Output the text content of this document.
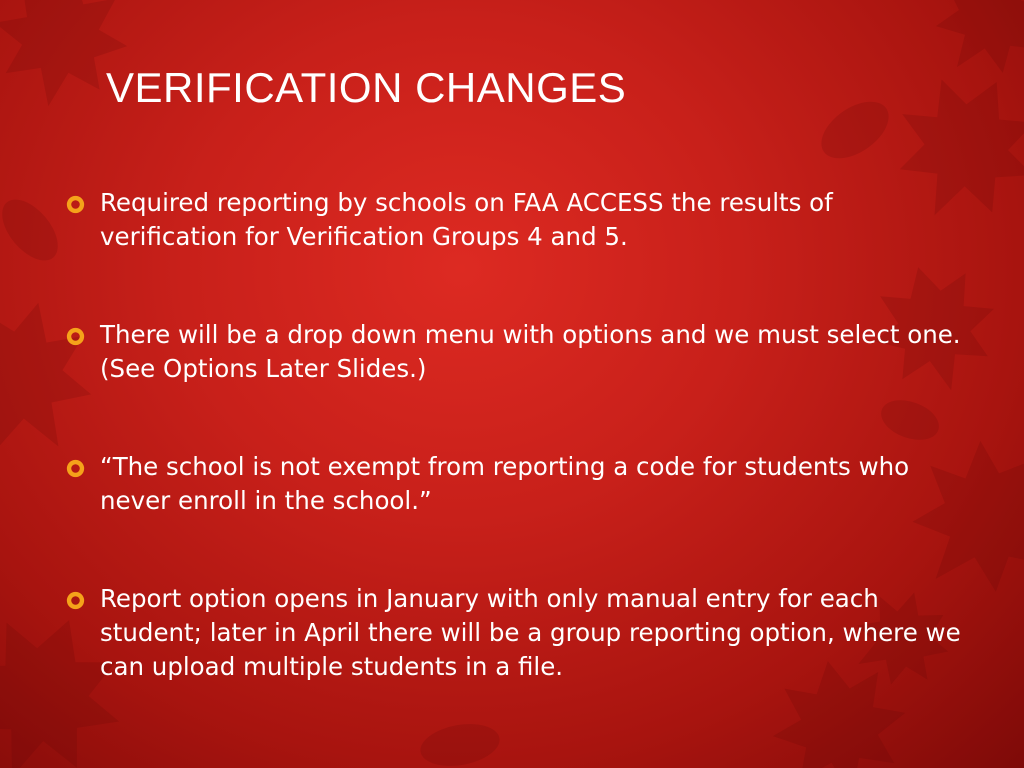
VERIFICATION CHANGES
Required reporting by schools on FAA ACCESS the results of verification for Verification Groups 4 and 5.
There will be a drop down menu with options and we must select one. (See Options Later Slides.)
“The school is not exempt from reporting a code for students who never enroll in the school.”
Report option opens in January with only manual entry for each student; later in April there will be a group reporting option, where we can upload multiple students in a file.
